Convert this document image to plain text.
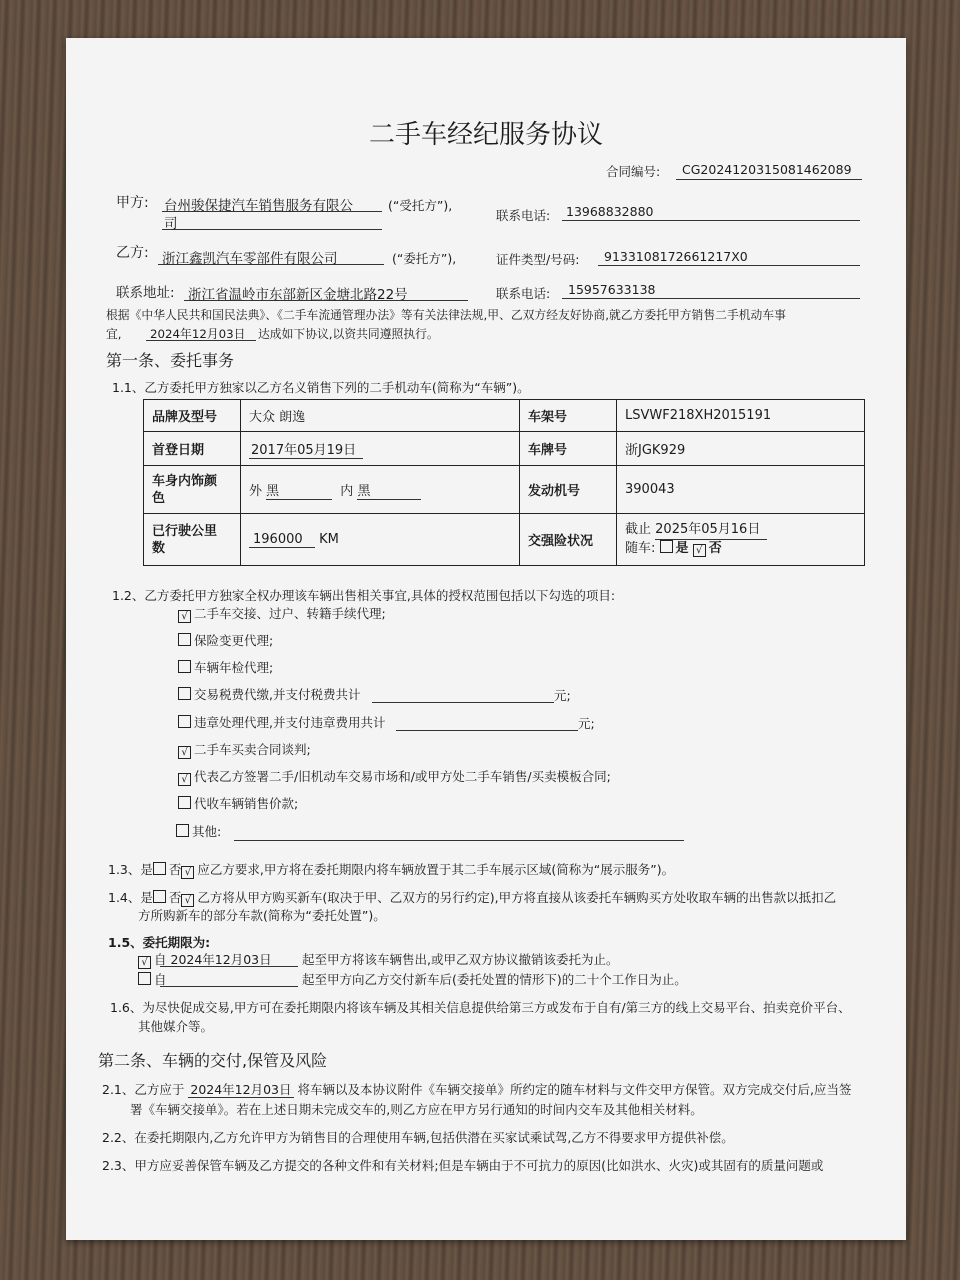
二手车经纪服务协议
合同编号: CG2024120315081462089
甲方: 台州骏保捷汽车销售服务有限公
司
(“受托方”),
联系电话: 13968832880
乙方: 浙江鑫凯汽车零部件有限公司	(“委托方”),	证件类型/号码: 9133108172661217X0
联系地址: 浙江省温岭市东部新区金塘北路22号	联系电话: 15957633138
根据《中华人民共和国民法典》、《二手车流通管理办法》等有关法律法规,甲、乙双方经友好协商,就乙方委托甲方销售二手机动车事
宜, 2024年12月03日 达成如下协议,以资共同遵照执行。
第一条、委托事务
1.1、乙方委托甲方独家以乙方名义销售下列的二手机动车(简称为“车辆”)。
品牌及型号	大众 朗逸	车架号	LSVWF218XH2015191
首登日期	2017年05月19日	车牌号	浙JGK929
车身内饰颜
色	外 黑 内 黑	发动机号	390043
已行驶公里
数	196000 KM	交强险状况	截止 2025年05月16日
随车: 是 √ 否
1.2、乙方委托甲方独家全权办理该车辆出售相关事宜,具体的授权范围包括以下勾选的项目:
√ 二手车交接、过户、转籍手续代理;
保险变更代理;
车辆年检代理;
交易税费代缴,并支付税费共计	元;
违章处理代理,并支付违章费用共计	元;
√ 二手车买卖合同谈判;
√ 代表乙方签署二手/旧机动车交易市场和/或甲方处二手车销售/买卖模板合同;
代收车辆销售价款;
其他:
1.3、是 否 √ 应乙方要求,甲方将在委托期限内将车辆放置于其二手车展示区域(简称为“展示服务”)。
1.4、是 否 √ 乙方将从甲方购买新车(取决于甲、乙双方的另行约定),甲方将直接从该委托车辆购买方处收取车辆的出售款以抵扣乙
方所购新车的部分车款(简称为“委托处置”)。
1.5、委托期限为:
√ 自 2024年12月03日 起至甲方将该车辆售出,或甲乙双方协议撤销该委托为止。
自	起至甲方向乙方交付新车后(委托处置的情形下)的二十个工作日为止。
1.6、为尽快促成交易,甲方可在委托期限内将该车辆及其相关信息提供给第三方或发布于自有/第三方的线上交易平台、拍卖竞价平台、
其他媒介等。
第二条、车辆的交付,保管及风险
2.1、乙方应于 2024年12月03日 将车辆以及本协议附件《车辆交接单》所约定的随车材料与文件交甲方保管。双方完成交付后,应当签
署《车辆交接单》。若在上述日期未完成交车的,则乙方应在甲方另行通知的时间内交车及其他相关材料。
2.2、在委托期限内,乙方允许甲方为销售目的合理使用车辆,包括供潜在买家试乘试驾,乙方不得要求甲方提供补偿。
2.3、甲方应妥善保管车辆及乙方提交的各种文件和有关材料;但是车辆由于不可抗力的原因(比如洪水、火灾)或其固有的质量问题或
